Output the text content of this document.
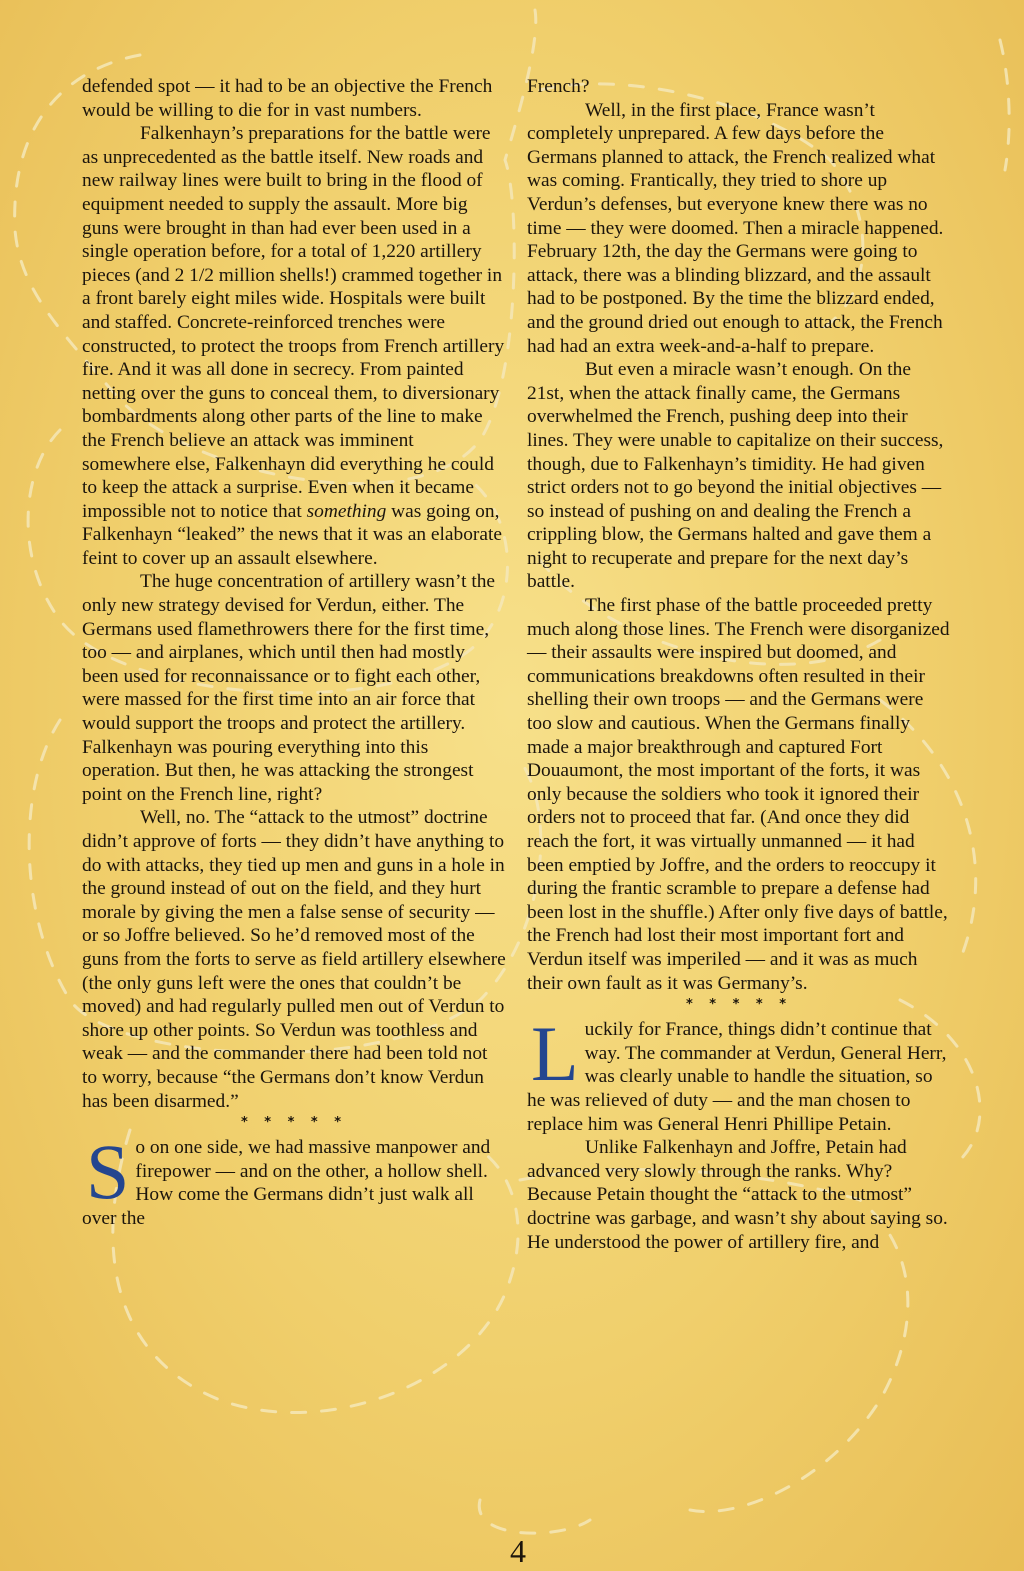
defended spot — it had to be an objective the French would be willing to die for in vast numbers.

Falkenhayn’s preparations for the battle were as unprecedented as the battle itself. New roads and new railway lines were built to bring in the flood of equipment needed to supply the assault. More big guns were brought in than had ever been used in a single operation before, for a total of 1,220 artillery pieces (and 2 1/2 million shells!) crammed together in a front barely eight miles wide. Hospitals were built and staffed. Concrete-reinforced trenches were constructed, to protect the troops from French artillery fire. And it was all done in secrecy. From painted netting over the guns to conceal them, to diversionary bombardments along other parts of the line to make the French believe an attack was imminent somewhere else, Falkenhayn did everything he could to keep the attack a surprise. Even when it became impossible not to notice that something was going on, Falkenhayn “leaked” the news that it was an elaborate feint to cover up an assault elsewhere.

The huge concentration of artillery wasn’t the only new strategy devised for Verdun, either. The Germans used flamethrowers there for the first time, too — and airplanes, which until then had mostly been used for reconnaissance or to fight each other, were massed for the first time into an air force that would support the troops and protect the artillery. Falkenhayn was pouring everything into this operation. But then, he was attacking the strongest point on the French line, right?

Well, no. The “attack to the utmost” doctrine didn’t approve of forts — they didn’t have anything to do with attacks, they tied up men and guns in a hole in the ground instead of out on the field, and they hurt morale by giving the men a false sense of security — or so Joffre believed. So he’d removed most of the guns from the forts to serve as field artillery elsewhere (the only guns left were the ones that couldn’t be moved) and had regularly pulled men out of Verdun to shore up other points. So Verdun was toothless and weak — and the commander there had been told not to worry, because “the Germans don’t know Verdun has been disarmed.”

* * * * *

So on one side, we had massive manpower and firepower — and on the other, a hollow shell. How come the Germans didn’t just walk all over the

French?

Well, in the first place, France wasn’t completely unprepared. A few days before the Germans planned to attack, the French realized what was coming. Frantically, they tried to shore up Verdun’s defenses, but everyone knew there was no time — they were doomed. Then a miracle happened. February 12th, the day the Germans were going to attack, there was a blinding blizzard, and the assault had to be postponed. By the time the blizzard ended, and the ground dried out enough to attack, the French had had an extra week-and-a-half to prepare.

But even a miracle wasn’t enough. On the 21st, when the attack finally came, the Germans overwhelmed the French, pushing deep into their lines. They were unable to capitalize on their success, though, due to Falkenhayn’s timidity. He had given strict orders not to go beyond the initial objectives — so instead of pushing on and dealing the French a crippling blow, the Germans halted and gave them a night to recuperate and prepare for the next day’s battle.

The first phase of the battle proceeded pretty much along those lines. The French were disorganized — their assaults were inspired but doomed, and communications breakdowns often resulted in their shelling their own troops — and the Germans were too slow and cautious. When the Germans finally made a major breakthrough and captured Fort Douaumont, the most important of the forts, it was only because the soldiers who took it ignored their orders not to proceed that far. (And once they did reach the fort, it was virtually unmanned — it had been emptied by Joffre, and the orders to reoccupy it during the frantic scramble to prepare a defense had been lost in the shuffle.) After only five days of battle, the French had lost their most important fort and Verdun itself was imperiled — and it was as much their own fault as it was Germany’s.

* * * * *

Luckily for France, things didn’t continue that way. The commander at Verdun, General Herr, was clearly unable to handle the situation, so he was relieved of duty — and the man chosen to replace him was General Henri Phillipe Petain.

Unlike Falkenhayn and Joffre, Petain had advanced very slowly through the ranks. Why? Because Petain thought the “attack to the utmost” doctrine was garbage, and wasn’t shy about saying so. He understood the power of artillery fire, and

4
